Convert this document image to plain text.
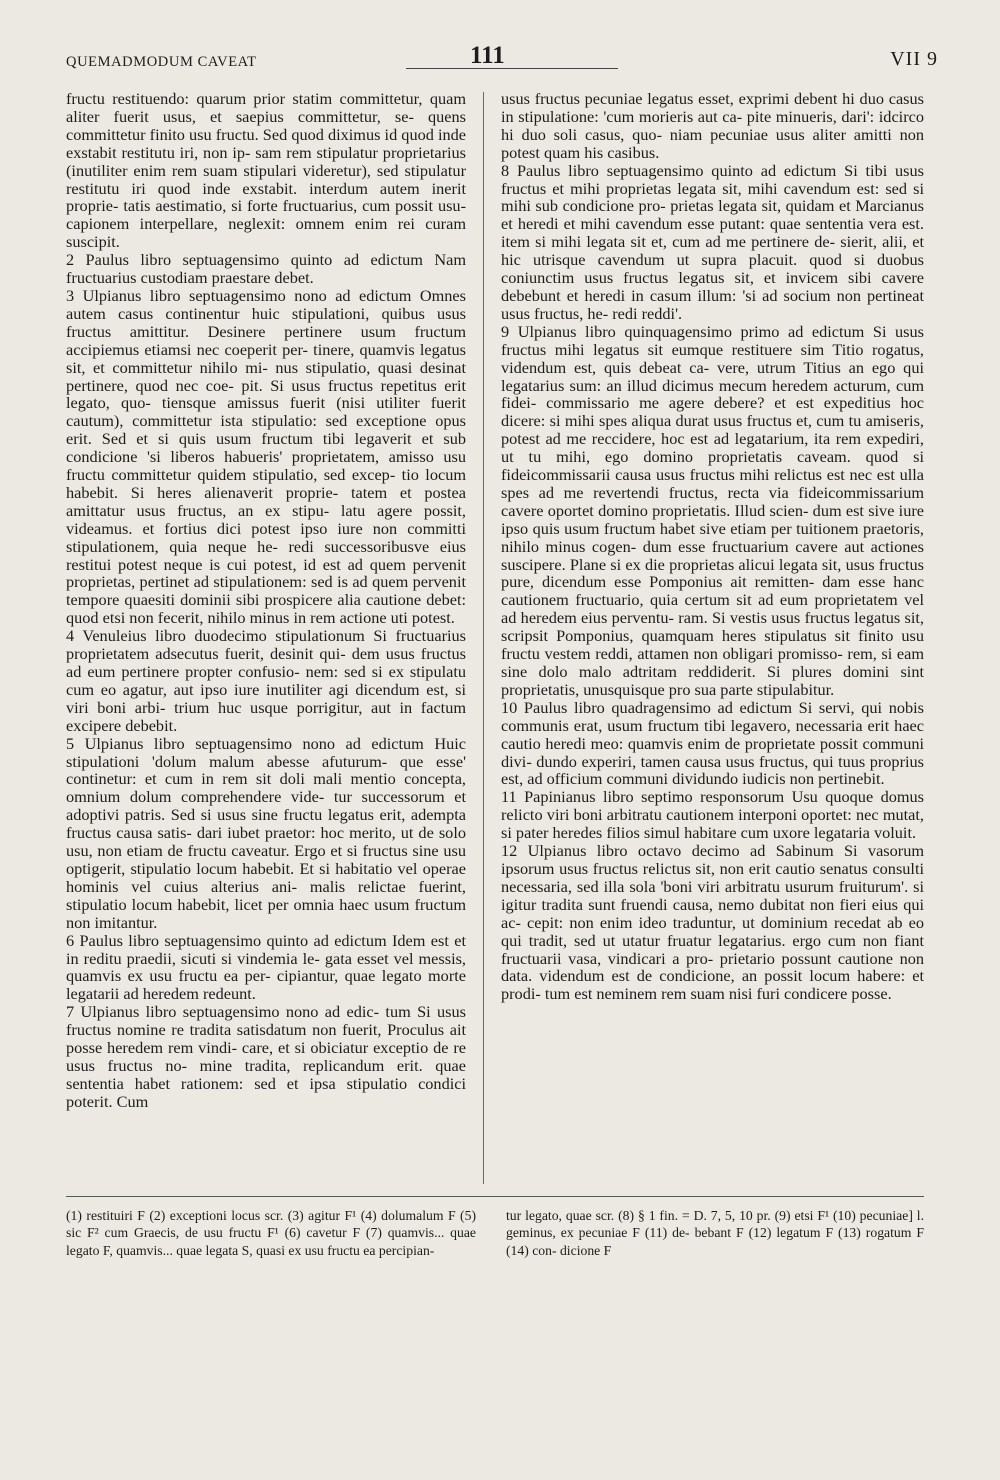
QUEMADMODUM CAVEAT	111	VII 9

fructu restituendo: quarum prior statim committetur, quam aliter fuerit usus, et saepius committetur, se- quens committetur finito usu fructu. Sed quod diximus id quod inde exstabit restitutu iri, non ip- sam rem stipulatur proprietarius (inutiliter enim rem suam stipulari videretur), sed stipulatur restitutu iri quod inde exstabit. interdum autem inerit proprie- tatis aestimatio, si forte fructuarius, cum possit usu- capionem interpellare, neglexit: omnem enim rei curam suscipit.

2 Paulus libro septuagensimo quinto ad edictum Nam fructuarius custodiam praestare debet.

3 Ulpianus libro septuagensimo nono ad edictum Omnes autem casus continentur huic stipulationi, quibus usus fructus amittitur. Desinere pertinere usum fructum accipiemus etiamsi nec coeperit per- tinere, quamvis legatus sit, et committetur nihilo mi- nus stipulatio, quasi desinat pertinere, quod nec coe- pit. Si usus fructus repetitus erit legato, quo- tiensque amissus fuerit (nisi utiliter fuerit cautum), committetur ista stipulatio: sed exceptione opus erit. Sed et si quis usum fructum tibi legaverit et sub condicione 'si liberos habueris' proprietatem, amisso usu fructu committetur quidem stipulatio, sed excep- tio locum habebit. Si heres alienaverit proprie- tatem et postea amittatur usus fructus, an ex stipu- latu agere possit, videamus. et fortius dici potest ipso iure non committi stipulationem, quia neque he- redi successoribusve eius restitui potest neque is cui potest, id est ad quem pervenit proprietas, pertinet ad stipulationem: sed is ad quem pervenit tempore quaesiti dominii sibi prospicere alia cautione debet: quod etsi non fecerit, nihilo minus in rem actione uti potest.

4 Venuleius libro duodecimo stipulationum Si fructuarius proprietatem adsecutus fuerit, desinit qui- dem usus fructus ad eum pertinere propter confusio- nem: sed si ex stipulatu cum eo agatur, aut ipso iure inutiliter agi dicendum est, si viri boni arbi- trium huc usque porrigitur, aut in factum excipere debebit.

5 Ulpianus libro septuagensimo nono ad edictum Huic stipulationi 'dolum malum abesse afuturum- que esse' continetur: et cum in rem sit doli mali mentio concepta, omnium dolum comprehendere vide- tur successorum et adoptivi patris. Sed si usus sine fructu legatus erit, adempta fructus causa satis- dari iubet praetor: hoc merito, ut de solo usu, non etiam de fructu caveatur. Ergo et si fructus sine usu optigerit, stipulatio locum habebit. Et si habitatio vel operae hominis vel cuius alterius ani- malis relictae fuerint, stipulatio locum habebit, licet per omnia haec usum fructum non imitantur.

6 Paulus libro septuagensimo quinto ad edictum Idem est et in reditu praedii, sicuti si vindemia le- gata esset vel messis, quamvis ex usu fructu ea per- cipiantur, quae legato morte legatarii ad heredem redeunt.

7 Ulpianus libro septuagensimo nono ad edic- tum Si usus fructus nomine re tradita satisdatum non fuerit, Proculus ait posse heredem rem vindi- care, et si obiciatur exceptio de re usus fructus no- mine tradita, replicandum erit. quae sententia habet rationem: sed et ipsa stipulatio condici poterit. Cum

usus fructus pecuniae legatus esset, exprimi debent hi duo casus in stipulatione: 'cum morieris aut ca- pite minueris, dari': idcirco hi duo soli casus, quo- niam pecuniae usus aliter amitti non potest quam his casibus.

8 Paulus libro septuagensimo quinto ad edictum Si tibi usus fructus et mihi proprietas legata sit, mihi cavendum est: sed si mihi sub condicione pro- prietas legata sit, quidam et Marcianus et heredi et mihi cavendum esse putant: quae sententia vera est. item si mihi legata sit et, cum ad me pertinere de- sierit, alii, et hic utrisque cavendum ut supra placuit. quod si duobus coniunctim usus fructus legatus sit, et invicem sibi cavere debebunt et heredi in casum illum: 'si ad socium non pertineat usus fructus, he- redi reddi'.

9 Ulpianus libro quinquagensimo primo ad edictum Si usus fructus mihi legatus sit eumque restituere sim Titio rogatus, videndum est, quis debeat ca- vere, utrum Titius an ego qui legatarius sum: an illud dicimus mecum heredem acturum, cum fidei- commissario me agere debere? et est expeditius hoc dicere: si mihi spes aliqua durat usus fructus et, cum tu amiseris, potest ad me reccidere, hoc est ad legatarium, ita rem expediri, ut tu mihi, ego domino proprietatis caveam. quod si fideicommissarii causa usus fructus mihi relictus est nec est ulla spes ad me revertendi fructus, recta via fideicommissarium cavere oportet domino proprietatis. Illud scien- dum est sive iure ipso quis usum fructum habet sive etiam per tuitionem praetoris, nihilo minus cogen- dum esse fructuarium cavere aut actiones suscipere. Plane si ex die proprietas alicui legata sit, usus fructus pure, dicendum esse Pomponius ait remitten- dam esse hanc cautionem fructuario, quia certum sit ad eum proprietatem vel ad heredem eius perventu- ram. Si vestis usus fructus legatus sit, scripsit Pomponius, quamquam heres stipulatus sit finito usu fructu vestem reddi, attamen non obligari promisso- rem, si eam sine dolo malo adtritam reddiderit. Si plures domini sint proprietatis, unusquisque pro sua parte stipulabitur.

10 Paulus libro quadragensimo ad edictum Si servi, qui nobis communis erat, usum fructum tibi legavero, necessaria erit haec cautio heredi meo: quamvis enim de proprietate possit communi divi- dundo experiri, tamen causa usus fructus, qui tuus proprius est, ad officium communi dividundo iudicis non pertinebit.

11 Papinianus libro septimo responsorum Usu quoque domus relicto viri boni arbitratu cautionem interponi oportet: nec mutat, si pater heredes filios simul habitare cum uxore legataria voluit.

12 Ulpianus libro octavo decimo ad Sabinum Si vasorum ipsorum usus fructus relictus sit, non erit cautio senatus consulti necessaria, sed illa sola 'boni viri arbitratu usurum fruiturum'. si igitur tradita sunt fruendi causa, nemo dubitat non fieri eius qui ac- cepit: non enim ideo traduntur, ut dominium recedat ab eo qui tradit, sed ut utatur fruatur legatarius. ergo cum non fiant fructuarii vasa, vindicari a pro- prietario possunt cautione non data. videndum est de condicione, an possit locum habere: et prodi- tum est neminem rem suam nisi furi condicere posse.

(1) restituiri F (2) exceptioni locus scr. (3) agitur F¹ (4) dolumalum F (5) sic F² cum Graecis, de usu fructu F¹ (6) cavetur F (7) quamvis... quae legato F, quamvis... quae legata S, quasi ex usu fructu ea percipian-
tur legato, quae scr. (8) § 1 fin. = D. 7, 5, 10 pr. (9) etsi F¹ (10) pecuniae] l. geminus, ex pecuniae F (11) de- bebant F (12) legatum F (13) rogatum F (14) con- dicione F
